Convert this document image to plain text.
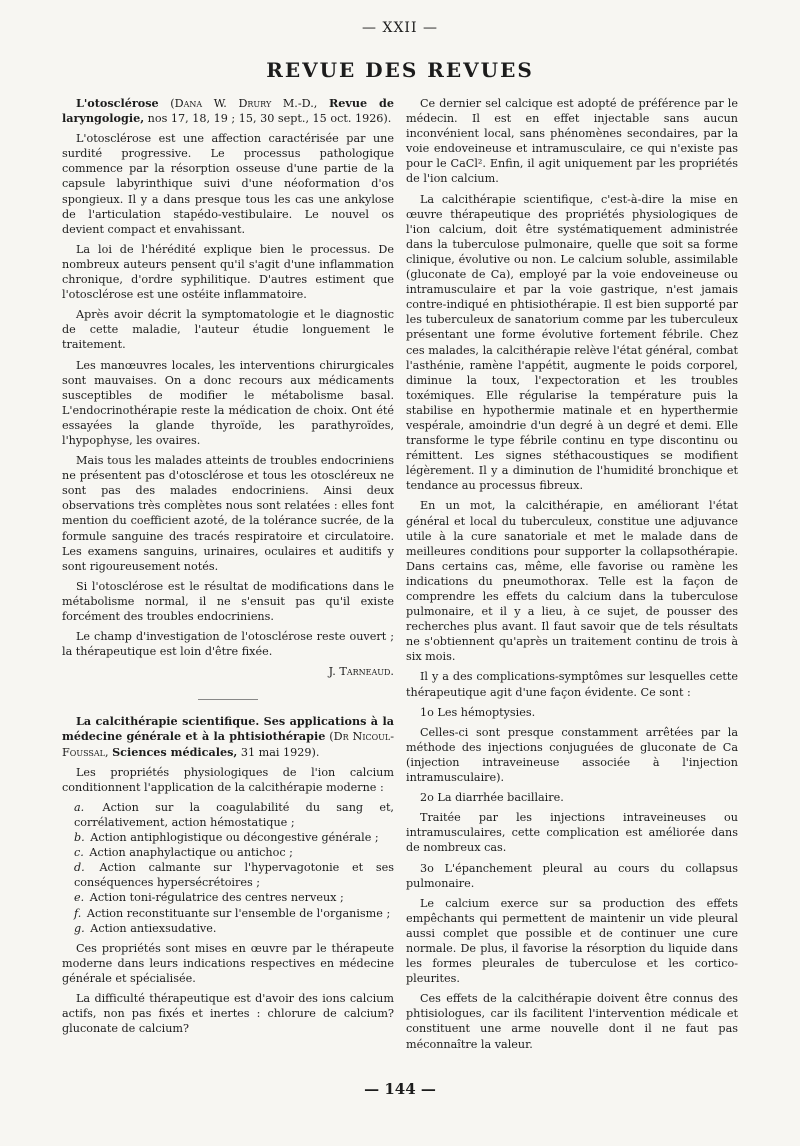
— XXII —
REVUE DES REVUES

L'otosclérose (Dana W. Drury M.-D., Revue de laryngologie, nos 17, 18, 19 ; 15, 30 sept., 15 oct. 1926).

L'otosclérose est une affection caractérisée par une surdité progressive. Le processus pathologique commence par la résorption osseuse d'une partie de la capsule labyrinthique suivi d'une néoformation d'os spongieux. Il y a dans presque tous les cas une ankylose de l'articulation stapédo-vestibulaire. Le nouvel os devient compact et envahissant.

La loi de l'hérédité explique bien le processus. De nombreux auteurs pensent qu'il s'agit d'une inflammation chronique, d'ordre syphilitique. D'autres estiment que l'otosclérose est une ostéite inflammatoire.

Après avoir décrit la symptomatologie et le diagnostic de cette maladie, l'auteur étudie longuement le traitement.

Les manœuvres locales, les interventions chirurgicales sont mauvaises. On a donc recours aux médicaments susceptibles de modifier le métabolisme basal. L'endocrinothérapie reste la médication de choix. Ont été essayées la glande thyroïde, les parathyroïdes, l'hypophyse, les ovaires.

Mais tous les malades atteints de troubles endocriniens ne présentent pas d'otosclérose et tous les otoscléreux ne sont pas des malades endocriniens. Ainsi deux observations très complètes nous sont relatées : elles font mention du coefficient azoté, de la tolérance sucrée, de la formule sanguine des tracés respiratoire et circulatoire. Les examens sanguins, urinaires, oculaires et auditifs y sont rigoureusement notés.

Si l'otosclérose est le résultat de modifications dans le métabolisme normal, il ne s'ensuit pas qu'il existe forcément des troubles endocriniens.

Le champ d'investigation de l'otosclérose reste ouvert ; la thérapeutique est loin d'être fixée.

J. Tarneaud.

La calcithérapie scientifique. Ses applications à la médecine générale et à la phtisiothérapie (Dr Nicoul-Foussal, Sciences médicales, 31 mai 1929).

Les propriétés physiologiques de l'ion calcium conditionnent l'application de la calcithérapie moderne :

a. Action sur la coagulabilité du sang et, corrélativement, action hémostatique ;
b. Action antiphlogistique ou décongestive générale ;
c. Action anaphylactique ou antichoc ;
d. Action calmante sur l'hypervagotonie et ses conséquences hypersécrétoires ;
e. Action toni-régulatrice des centres nerveux ;
f. Action reconstituante sur l'ensemble de l'organisme ;
g. Action antiexsudative.

Ces propriétés sont mises en œuvre par le thérapeute moderne dans leurs indications respectives en médecine générale et spécialisée.

La difficulté thérapeutique est d'avoir des ions calcium actifs, non pas fixés et inertes : chlorure de calcium? gluconate de calcium?

Ce dernier sel calcique est adopté de préférence par le médecin. Il est en effet injectable sans aucun inconvénient local, sans phénomènes secondaires, par la voie endoveineuse et intramusculaire, ce qui n'existe pas pour le CaCl². Enfin, il agit uniquement par les propriétés de l'ion calcium.

La calcithérapie scientifique, c'est-à-dire la mise en œuvre thérapeutique des propriétés physiologiques de l'ion calcium, doit être systématiquement administrée dans la tuberculose pulmonaire, quelle que soit sa forme clinique, évolutive ou non. Le calcium soluble, assimilable (gluconate de Ca), employé par la voie endoveineuse ou intramusculaire et par la voie gastrique, n'est jamais contre-indiqué en phtisiothérapie. Il est bien supporté par les tuberculeux de sanatorium comme par les tuberculeux présentant une forme évolutive fortement fébrile. Chez ces malades, la calcithérapie relève l'état général, combat l'asthénie, ramène l'appétit, augmente le poids corporel, diminue la toux, l'expectoration et les troubles toxémiques. Elle régularise la température puis la stabilise en hypothermie matinale et en hyperthermie vespérale, amoindrie d'un degré à un degré et demi. Elle transforme le type fébrile continu en type discontinu ou rémittent. Les signes stéthacoustiques se modifient légèrement. Il y a diminution de l'humidité bronchique et tendance au processus fibreux.

En un mot, la calcithérapie, en améliorant l'état général et local du tuberculeux, constitue une adjuvance utile à la cure sanatoriale et met le malade dans de meilleures conditions pour supporter la collapsothérapie. Dans certains cas, même, elle favorise ou ramène les indications du pneumothorax. Telle est la façon de comprendre les effets du calcium dans la tuberculose pulmonaire, et il y a lieu, à ce sujet, de pousser des recherches plus avant. Il faut savoir que de tels résultats ne s'obtiennent qu'après un traitement continu de trois à six mois.

Il y a des complications-symptômes sur lesquelles cette thérapeutique agit d'une façon évidente. Ce sont :

1o Les hémoptysies.

Celles-ci sont presque constamment arrêtées par la méthode des injections conjuguées de gluconate de Ca (injection intraveineuse associée à l'injection intramusculaire).

2o La diarrhée bacillaire.

Traitée par les injections intraveineuses ou intramusculaires, cette complication est améliorée dans de nombreux cas.

3o L'épanchement pleural au cours du collapsus pulmonaire.

Le calcium exerce sur sa production des effets empêchants qui permettent de maintenir un vide pleural aussi complet que possible et de continuer une cure normale. De plus, il favorise la résorption du liquide dans les formes pleurales de tuberculose et les cortico-pleurites.

Ces effets de la calcithérapie doivent être connus des phtisiologues, car ils facilitent l'intervention médicale et constituent une arme nouvelle dont il ne faut pas méconnaître la valeur.

— 144 —
